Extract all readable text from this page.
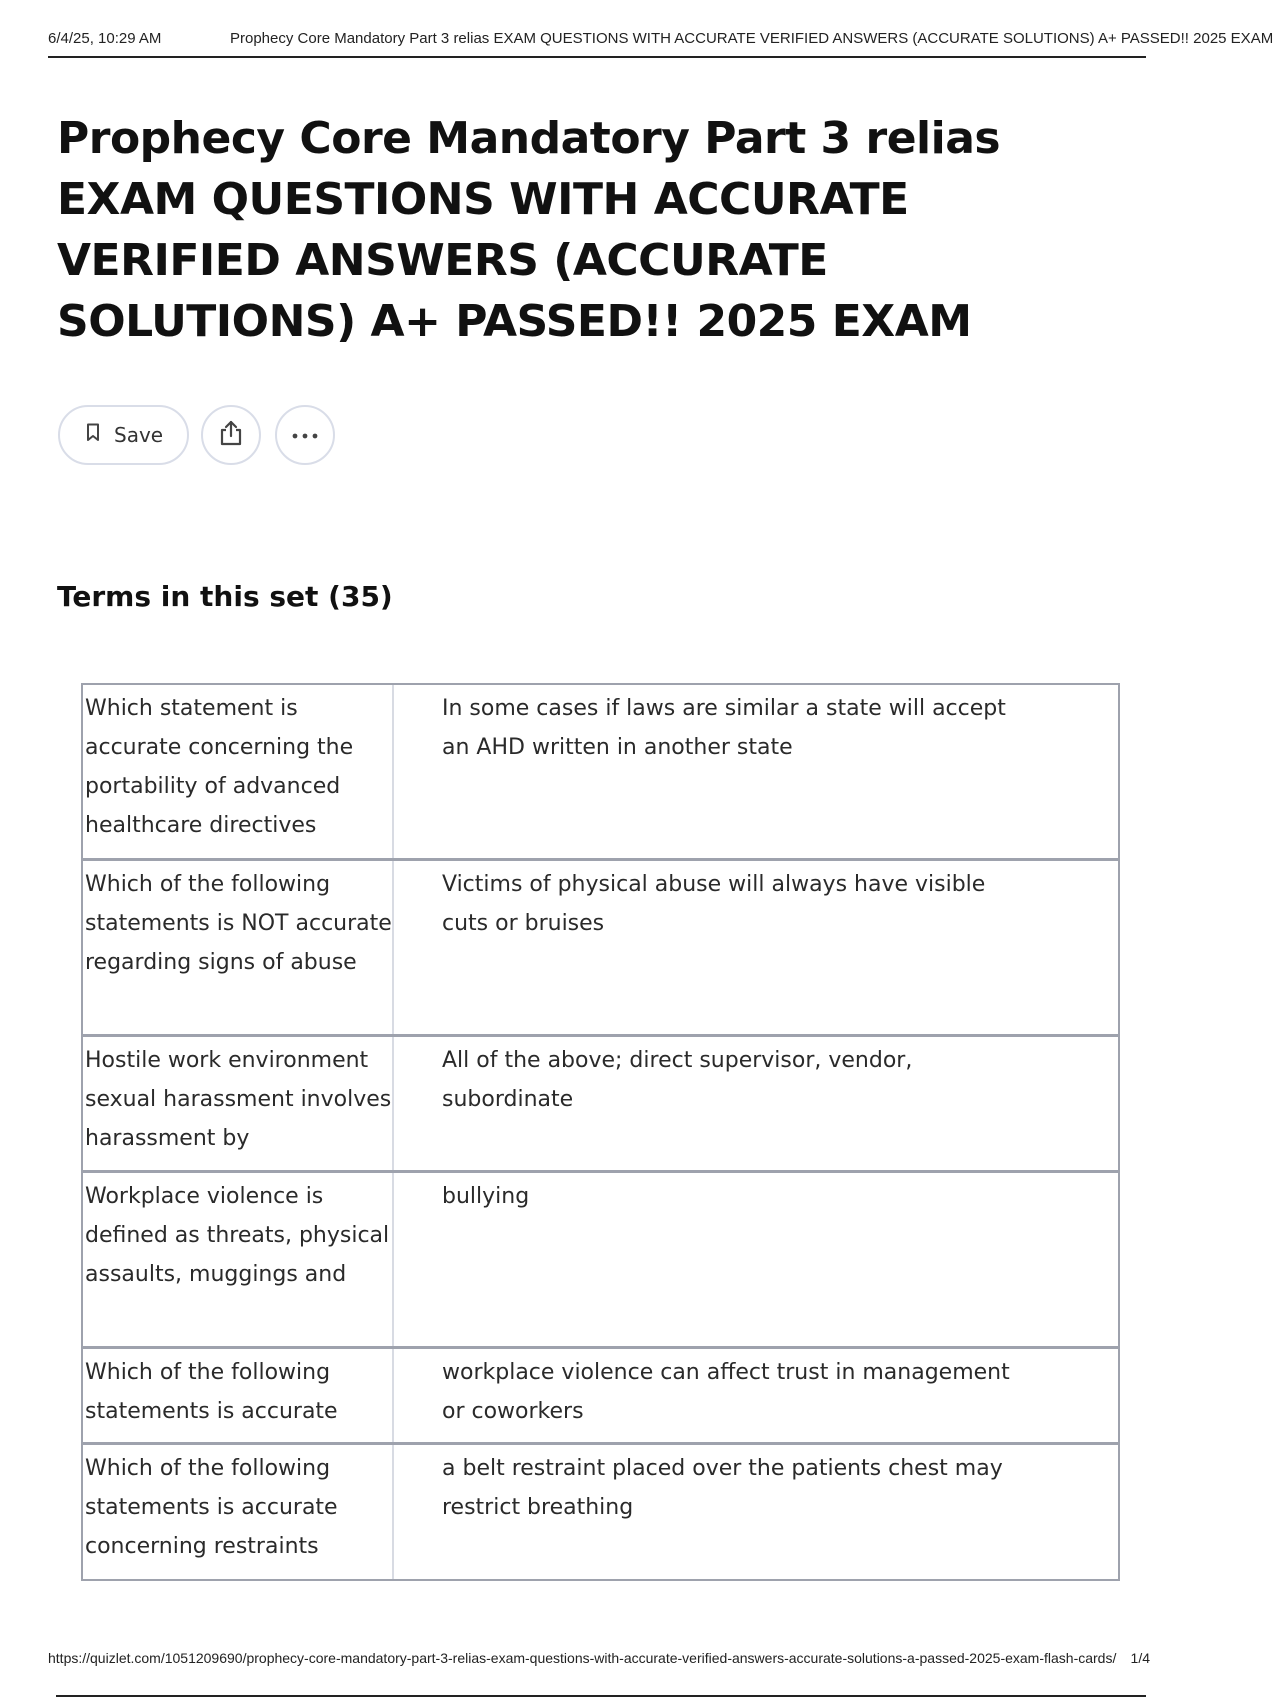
6/4/25, 10:29 AM	Prophecy Core Mandatory Part 3 relias EXAM QUESTIONS WITH ACCURATE VERIFIED ANSWERS (ACCURATE SOLUTIONS) A+ PASSED!! 2025 EXAM
Prophecy Core Mandatory Part 3 relias EXAM QUESTIONS WITH ACCURATE VERIFIED ANSWERS (ACCURATE SOLUTIONS) A+ PASSED!! 2025 EXAM
Save
Terms in this set (35)
Which statement is accurate concerning the portability of advanced healthcare directives
In some cases if laws are similar a state will accept an AHD written in another state
Which of the following statements is NOT accurate regarding signs of abuse
Victims of physical abuse will always have visible cuts or bruises
Hostile work environment sexual harassment involves harassment by
All of the above; direct supervisor, vendor, subordinate
Workplace violence is defined as threats, physical assaults, muggings and
bullying
Which of the following statements is accurate
workplace violence can affect trust in management or coworkers
Which of the following statements is accurate concerning restraints
a belt restraint placed over the patients chest may restrict breathing
https://quizlet.com/1051209690/prophecy-core-mandatory-part-3-relias-exam-questions-with-accurate-verified-answers-accurate-solutions-a-passed-2025-exam-flash-cards/ 1/4
